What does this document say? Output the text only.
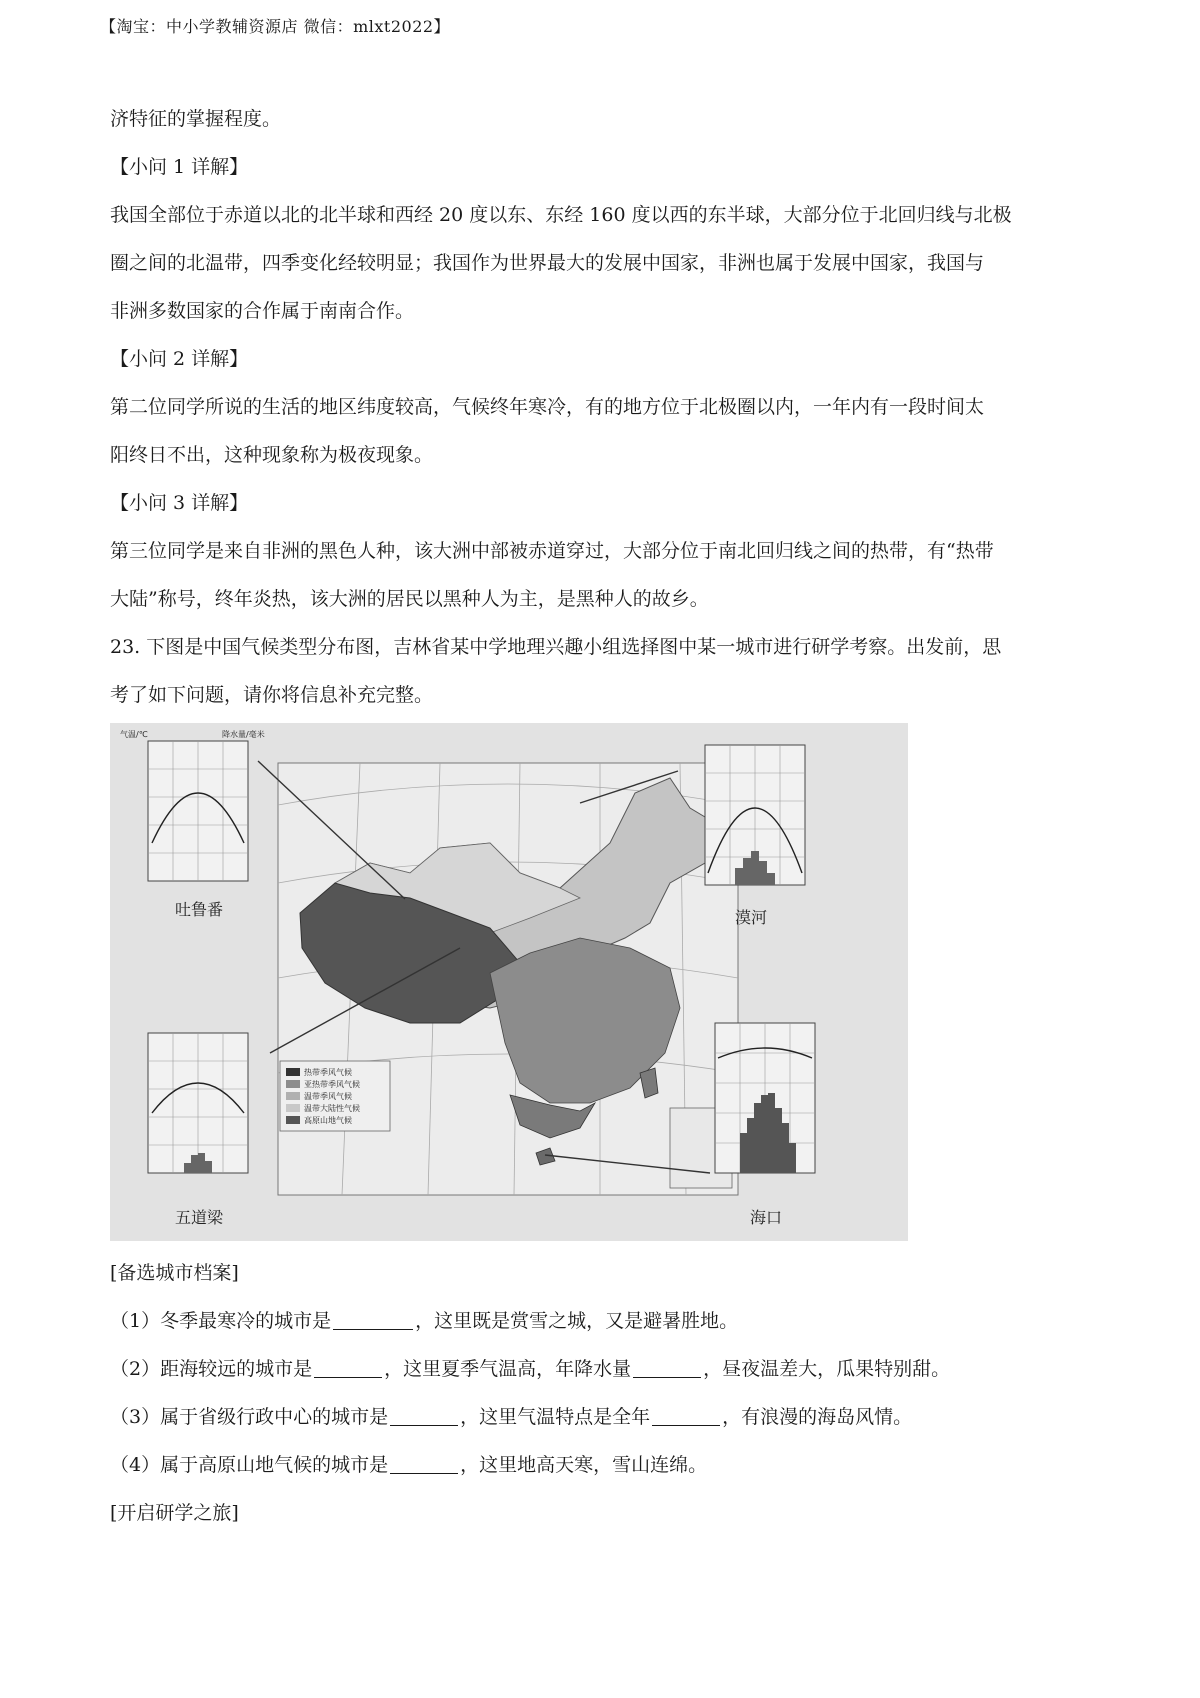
【淘宝：中小学教辅资源店 微信：mlxt2022】

济特征的掌握程度。

【小问 1 详解】

我国全部位于赤道以北的北半球和西经 20 度以东、东经 160 度以西的东半球，大部分位于北回归线与北极

圈之间的北温带，四季变化经较明显；我国作为世界最大的发展中国家，非洲也属于发展中国家，我国与

非洲多数国家的合作属于南南合作。

【小问 2 详解】

第二位同学所说的生活的地区纬度较高，气候终年寒冷，有的地方位于北极圈以内，一年内有一段时间太

阳终日不出，这种现象称为极夜现象。

【小问 3 详解】

第三位同学是来自非洲的黑色人种，该大洲中部被赤道穿过，大部分位于南北回归线之间的热带，有“热带

大陆”称号，终年炎热，该大洲的居民以黑种人为主，是黑种人的故乡。

23. 下图是中国气候类型分布图，吉林省某中学地理兴趣小组选择图中某一城市进行研学考察。出发前，思

考了如下问题，请你将信息补充完整。

热带季风气候
亚热带季风气候
温带季风气候
温带大陆性气候
高原山地气候
气温/℃	降水量/毫米
吐鲁番	漠河
五道梁	海口

[备选城市档案]

（1）冬季最寒冷的城市是	，这里既是赏雪之城，又是避暑胜地。

（2）距海较远的城市是	，这里夏季气温高，年降水量	，昼夜温差大，瓜果特别甜。

（3）属于省级行政中心的城市是	，这里气温特点是全年	，有浪漫的海岛风情。

（4）属于高原山地气候的城市是	，这里地高天寒，雪山连绵。

[开启研学之旅]
